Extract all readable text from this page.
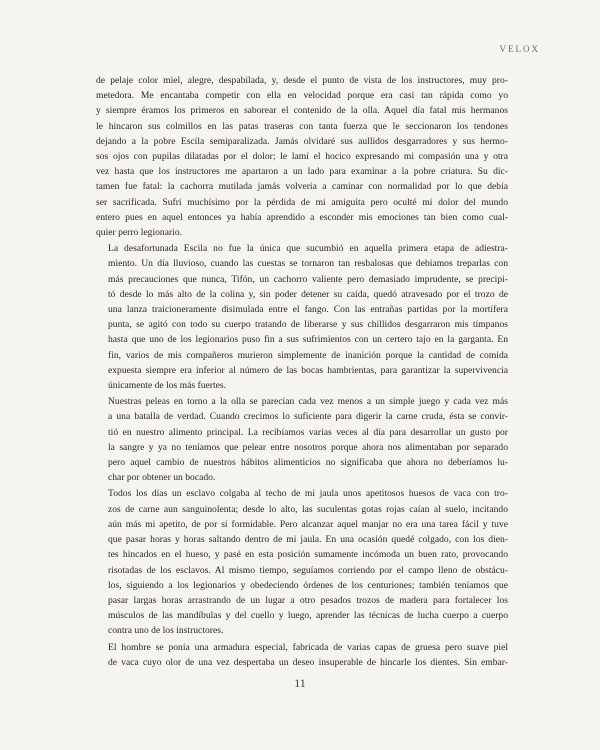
VELOX
de pelaje color miel, alegre, despabilada, y, desde el punto de vista de los instructores, muy pro-
metedora. Me encantaba competir con ella en velocidad porque era casi tan rápida como yo
y siempre éramos los primeros en saborear el contenido de la olla. Aquel día fatal mis hermanos
le hincaron sus colmillos en las patas traseras con tanta fuerza que le seccionaron los tendones
dejando a la pobre Escila semiparalizada. Jamás olvidaré sus aullidos desgarradores y sus hermo-
sos ojos con pupilas dilatadas por el dolor; le lamí el hocico expresando mi compasión una y otra
vez hasta que los instructores me apartaron a un lado para examinar a la pobre criatura. Su dic-
tamen fue fatal: la cachorra mutilada jamás volvería a caminar con normalidad por lo que debía
ser sacrificada. Sufrí muchísimo por la pérdida de mi amiguita pero oculté mi dolor del mundo
entero pues en aquel entonces ya había aprendido a esconder mis emociones tan bien como cual-
quier perro legionario.
La desafortunada Escila no fue la única que sucumbió en aquella primera etapa de adiestra-
miento. Un día lluvioso, cuando las cuestas se tornaron tan resbalosas que debíamos treparlas con
más precauciones que nunca, Tifón, un cachorro valiente pero demasiado imprudente, se precipi-
tó desde lo más alto de la colina y, sin poder detener su caída, quedó atravesado por el trozo de
una lanza traicioneramente disimulada entre el fango. Con las entrañas partidas por la mortífera
punta, se agitó con todo su cuerpo tratando de liberarse y sus chillidos desgarraron mis tímpanos
hasta que uno de los legionarios puso fin a sus sufrimientos con un certero tajo en la garganta. En
fin, varios de mis compañeros murieron simplemente de inanición porque la cantidad de comida
expuesta siempre era inferior al número de las bocas hambrientas, para garantizar la supervivencia
únicamente de los más fuertes.
Nuestras peleas en torno a la olla se parecían cada vez menos a un simple juego y cada vez más
a una batalla de verdad. Cuando crecimos lo suficiente para digerir la carne cruda, ésta se convir-
tió en nuestro alimento principal. La recibíamos varias veces al día para desarrollar un gusto por
la sangre y ya no teníamos que pelear entre nosotros porque ahora nos alimentaban por separado
pero aquel cambio de nuestros hábitos alimenticios no significaba que ahora no deberíamos lu-
char por obtener un bocado.
Todos los días un esclavo colgaba al techo de mi jaula unos apetitosos huesos de vaca con tro-
zos de carne aun sanguinolenta; desde lo alto, las suculentas gotas rojas caían al suelo, incitando
aún más mi apetito, de por sí formidable. Pero alcanzar aquel manjar no era una tarea fácil y tuve
que pasar horas y horas saltando dentro de mi jaula. En una ocasión quedé colgado, con los dien-
tes hincados en el hueso, y pasé en esta posición sumamente incómoda un buen rato, provocando
risotadas de los esclavos. Al mismo tiempo, seguíamos corriendo por el campo lleno de obstácu-
los, siguiendo a los legionarios y obedeciendo órdenes de los centuriones; también teníamos que
pasar largas horas arrastrando de un lugar a otro pesados trozos de madera para fortalecer los
músculos de las mandíbulas y del cuello y luego, aprender las técnicas de lucha cuerpo a cuerpo
contra uno de los instructores.
El hombre se ponía una armadura especial, fabricada de varias capas de gruesa pero suave piel
de vaca cuyo olor de una vez despertaba un deseo insuperable de hincarle los dientes. Sin embar-
11
